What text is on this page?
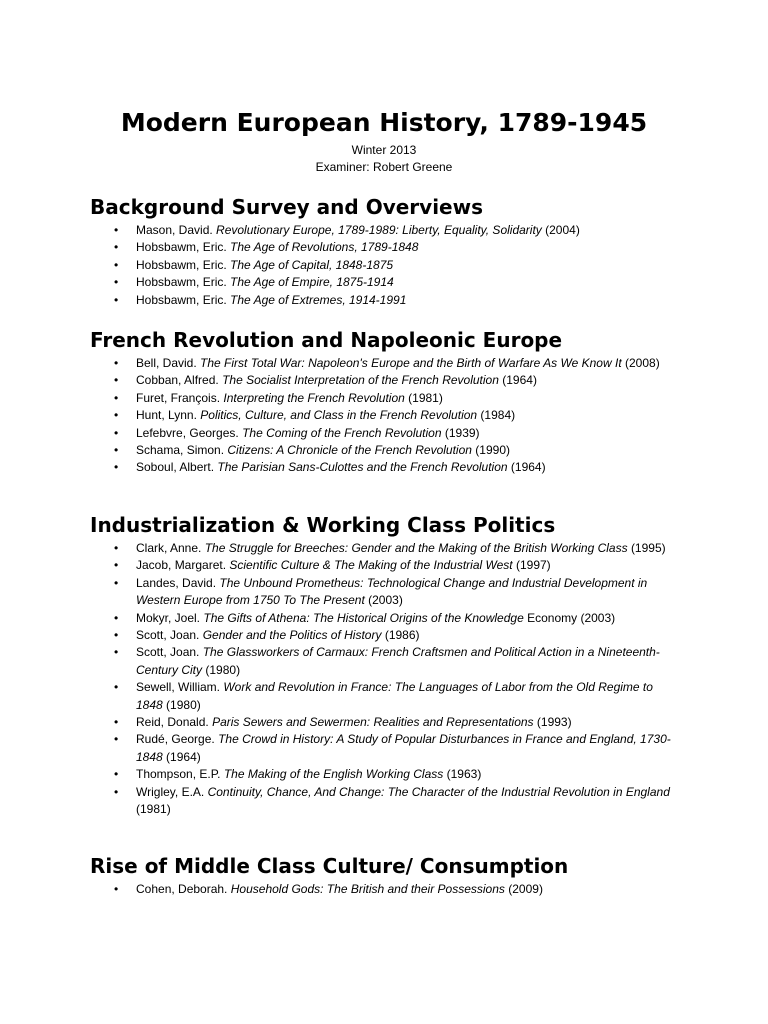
Modern European History, 1789-1945
Winter 2013
Examiner: Robert Greene
Background Survey and Overviews
• Mason, David. Revolutionary Europe, 1789-1989: Liberty, Equality, Solidarity (2004)
• Hobsbawm, Eric. The Age of Revolutions, 1789-1848
• Hobsbawm, Eric. The Age of Capital, 1848-1875
• Hobsbawm, Eric. The Age of Empire, 1875-1914
• Hobsbawm, Eric. The Age of Extremes, 1914-1991
French Revolution and Napoleonic Europe
• Bell, David. The First Total War: Napoleon's Europe and the Birth of Warfare As We Know It (2008)
• Cobban, Alfred. The Socialist Interpretation of the French Revolution (1964)
• Furet, François. Interpreting the French Revolution (1981)
• Hunt, Lynn. Politics, Culture, and Class in the French Revolution (1984)
• Lefebvre, Georges. The Coming of the French Revolution (1939)
• Schama, Simon. Citizens: A Chronicle of the French Revolution (1990)
• Soboul, Albert. The Parisian Sans-Culottes and the French Revolution (1964)
Industrialization & Working Class Politics
• Clark, Anne. The Struggle for Breeches: Gender and the Making of the British Working Class (1995)
• Jacob, Margaret. Scientific Culture & The Making of the Industrial West (1997)
• Landes, David. The Unbound Prometheus: Technological Change and Industrial Development in Western Europe from 1750 To The Present (2003)
• Mokyr, Joel. The Gifts of Athena: The Historical Origins of the Knowledge Economy (2003)
• Scott, Joan. Gender and the Politics of History (1986)
• Scott, Joan. The Glassworkers of Carmaux: French Craftsmen and Political Action in a Nineteenth-Century City (1980)
• Sewell, William. Work and Revolution in France: The Languages of Labor from the Old Regime to 1848 (1980)
• Reid, Donald. Paris Sewers and Sewermen: Realities and Representations (1993)
• Rudé, George. The Crowd in History: A Study of Popular Disturbances in France and England, 1730-1848 (1964)
• Thompson, E.P. The Making of the English Working Class (1963)
• Wrigley, E.A. Continuity, Chance, And Change: The Character of the Industrial Revolution in England (1981)
Rise of Middle Class Culture/ Consumption
• Cohen, Deborah. Household Gods: The British and their Possessions (2009)
